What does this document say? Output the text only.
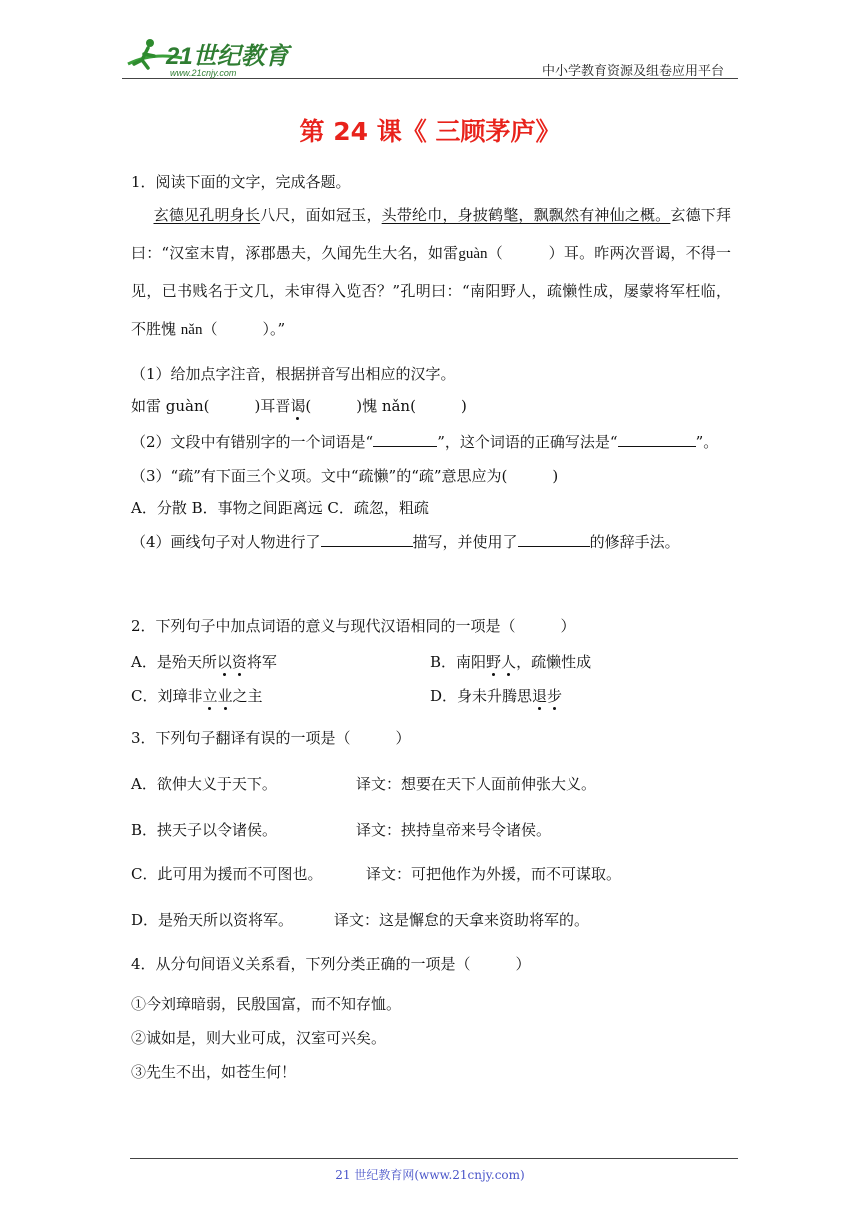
21世纪教育
www.21cnjy.com	中小学教育资源及组卷应用平台
第 24 课《 三顾茅庐》
1．阅读下面的文字，完成各题。
  玄德见孔明身长八尺，面如冠玉，头带纶巾，身披鹤氅，飘飘然有神仙之概。玄德下拜
曰：“汉室末胄，涿郡愚夫，久闻先生大名，如雷guàn（　　　）耳。昨两次晋谒，不得一
见，已书贱名于文几，未审得入览否？”孔明曰：“南阳野人，疏懒性成，屡蒙将军枉临，
不胜愧 nǎn（　　　）。”
（1）给加点字注音，根据拼音写出相应的汉字。
如雷 guàn(　　　)耳晋谒(　　　)愧 nǎn(　　　)
（2）文段中有错别字的一个词语是“	”，这个词语的正确写法是“	”。
（3）“疏”有下面三个义项。文中“疏懒”的“疏”意思应为(　　　)
A．分散 B．事物之间距离远 C．疏忽，粗疏
（4）画线句子对人物进行了	描写，并使用了	的修辞手法。
2．下列句子中加点词语的意义与现代汉语相同的一项是（　　　）
A．是殆天所以资将军	B．南阳野人，疏懒性成
C．刘璋非立业之主	D．身未升腾思退步
3．下列句子翻译有误的一项是（　　　）
A．欲伸大义于天下。	译文：想要在天下人面前伸张大义。
B．挟天子以令诸侯。	译文：挟持皇帝来号令诸侯。
C．此可用为援而不可图也。	译文：可把他作为外援，而不可谋取。
D．是殆天所以资将军。	译文：这是懈怠的天拿来资助将军的。
4．从分句间语义关系看，下列分类正确的一项是（　　　）
①今刘璋暗弱，民殷国富，而不知存恤。
②诚如是，则大业可成，汉室可兴矣。
③先生不出，如苍生何！
21 世纪教育网(www.21cnjy.com)
